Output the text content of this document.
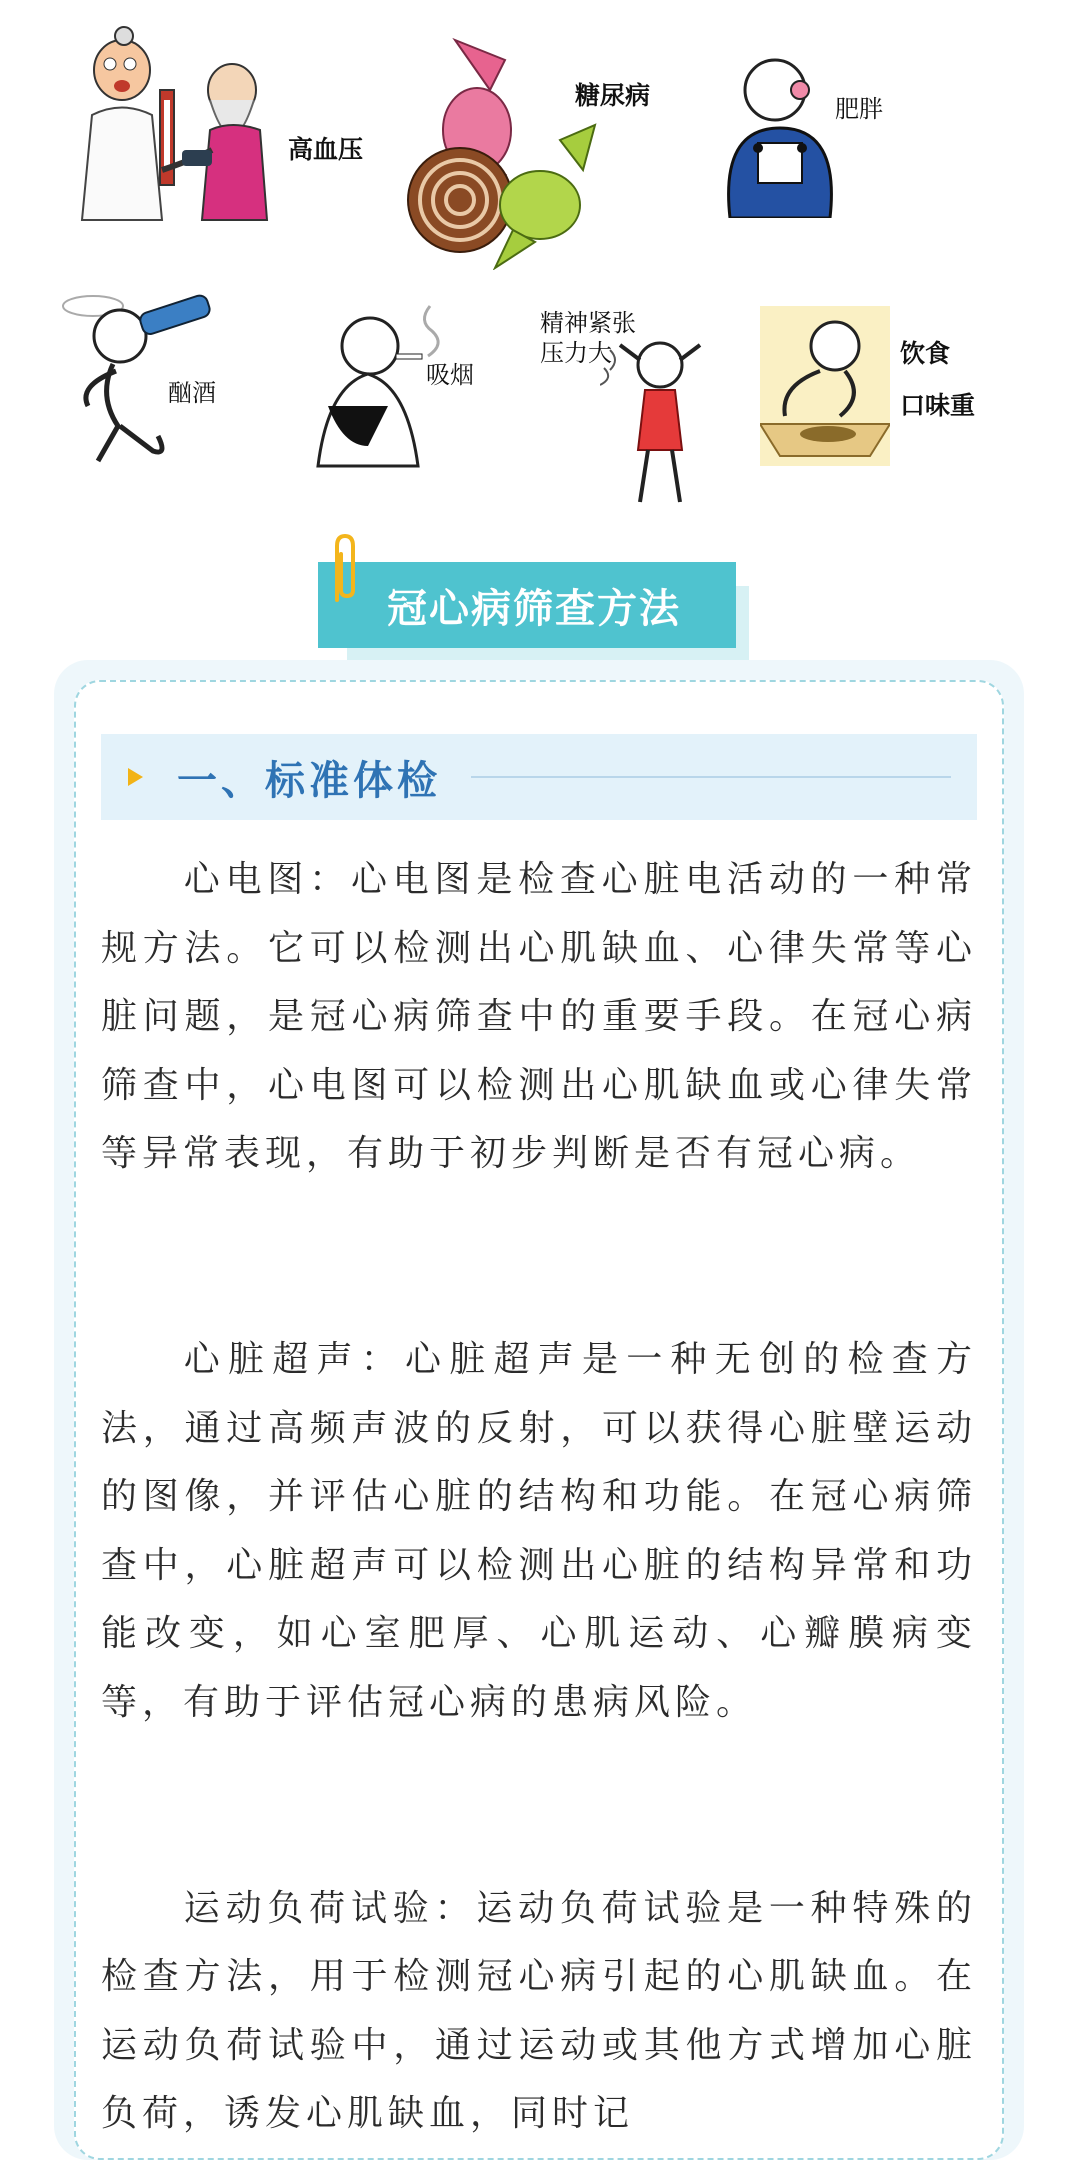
高血压
糖尿病	肥胖
酗酒
吸烟
精神紧张
压力大	饮食
口味重
冠心病筛查方法
一、标准体检

心电图：心电图是检查心脏电活动的一种常规方法。它可以检测出心肌缺血、心律失常等心脏问题，是冠心病筛查中的重要手段。在冠心病筛查中，心电图可以检测出心肌缺血或心律失常等异常表现，有助于初步判断是否有冠心病。

心脏超声：心脏超声是一种无创的检查方法，通过高频声波的反射，可以获得心脏壁运动的图像，并评估心脏的结构和功能。在冠心病筛查中，心脏超声可以检测出心脏的结构异常和功能改变，如心室肥厚、心肌运动、心瓣膜病变等，有助于评估冠心病的患病风险。

运动负荷试验：运动负荷试验是一种特殊的检查方法，用于检测冠心病引起的心肌缺血。在运动负荷试验中，通过运动或其他方式增加心脏负荷，诱发心肌缺血，同时记
